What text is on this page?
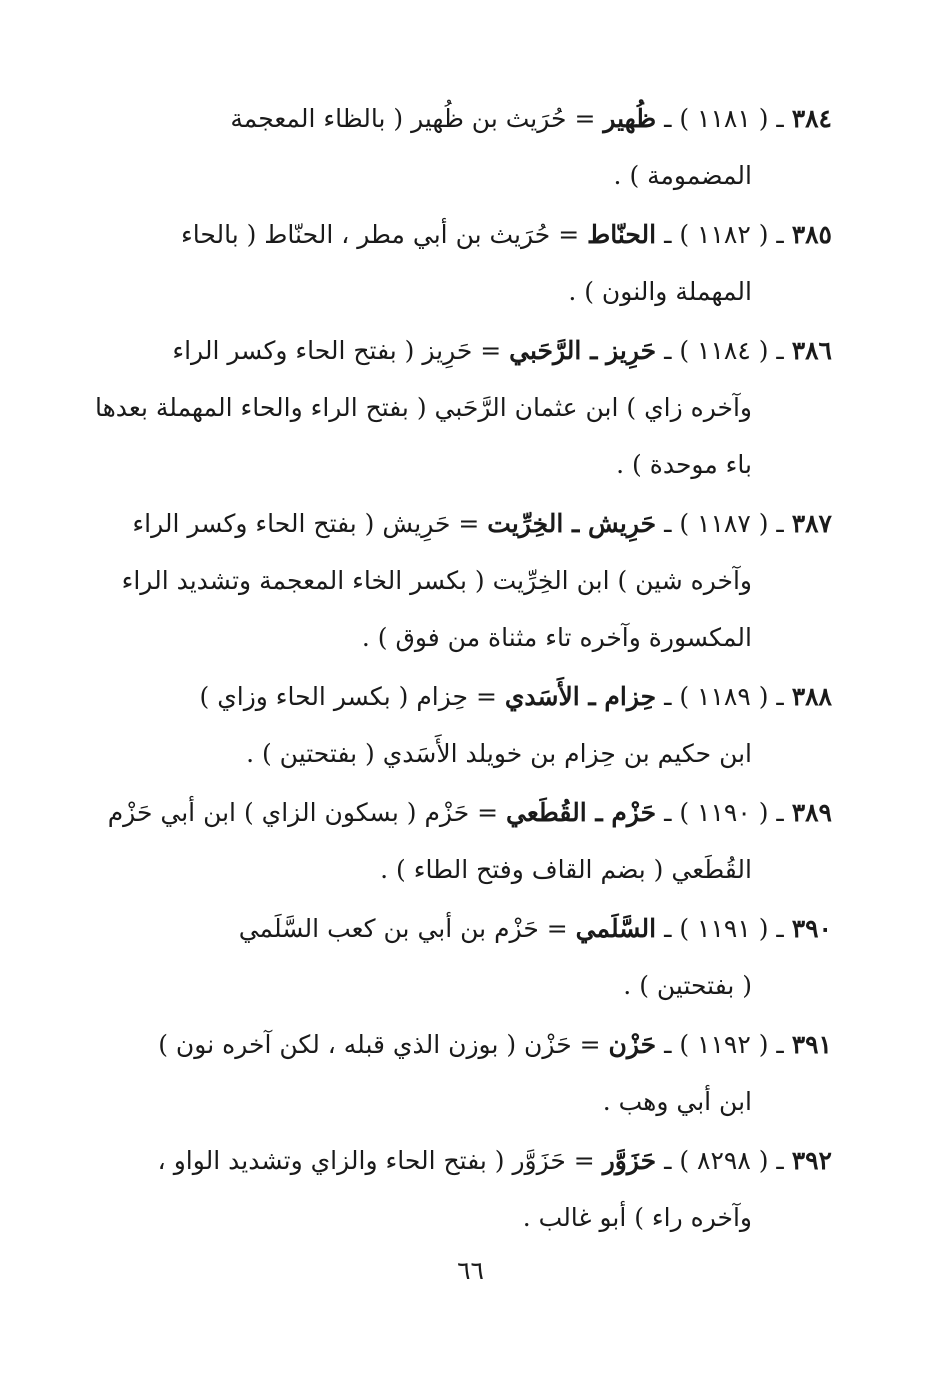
٣٨٤ ـ ( ١١٨١ ) ـ ظُهير = حُرَيث بن ظُهير ( بالظاء المعجمة
المضمومة ) .
٣٨٥ ـ ( ١١٨٢ ) ـ الحنّاط = حُرَيث بن أبي مطر ، الحنّاط ( بالحاء
المهملة والنون ) .
٣٨٦ ـ ( ١١٨٤ ) ـ حَرِيز ـ الرَّحَبي = حَرِيز ( بفتح الحاء وكسر الراء
وآخره زاي ) ابن عثمان الرَّحَبي ( بفتح الراء والحاء المهملة بعدها
باء موحدة ) .
٣٨٧ ـ ( ١١٨٧ ) ـ حَرِيش ـ الخِرِّيت = حَرِيش ( بفتح الحاء وكسر الراء
وآخره شين ) ابن الخِرِّيت ( بكسر الخاء المعجمة وتشديد الراء
المكسورة وآخره تاء مثناة من فوق ) .
٣٨٨ ـ ( ١١٨٩ ) ـ حِزام ـ الأَسَدي = حِزام ( بكسر الحاء وزاي )
ابن حكيم بن حِزام بن خويلد الأَسَدي ( بفتحتين ) .
٣٨٩ ـ ( ١١٩٠ ) ـ حَزْم ـ القُطَعي = حَزْم ( بسكون الزاي ) ابن أبي حَزْم
القُطَعي ( بضم القاف وفتح الطاء ) .
٣٩٠ ـ ( ١١٩١ ) ـ السَّلَمي = حَزْم بن أبي بن كعب السَّلَمي
( بفتحتين ) .
٣٩١ ـ ( ١١٩٢ ) ـ حَزْن = حَزْن ( بوزن الذي قبله ، لكن آخره نون )
ابن أبي وهب .
٣٩٢ ـ ( ٨٢٩٨ ) ـ حَزَوَّر = حَزَوَّر ( بفتح الحاء والزاي وتشديد الواو ،
وآخره راء ) أبو غالب .
٦٦
